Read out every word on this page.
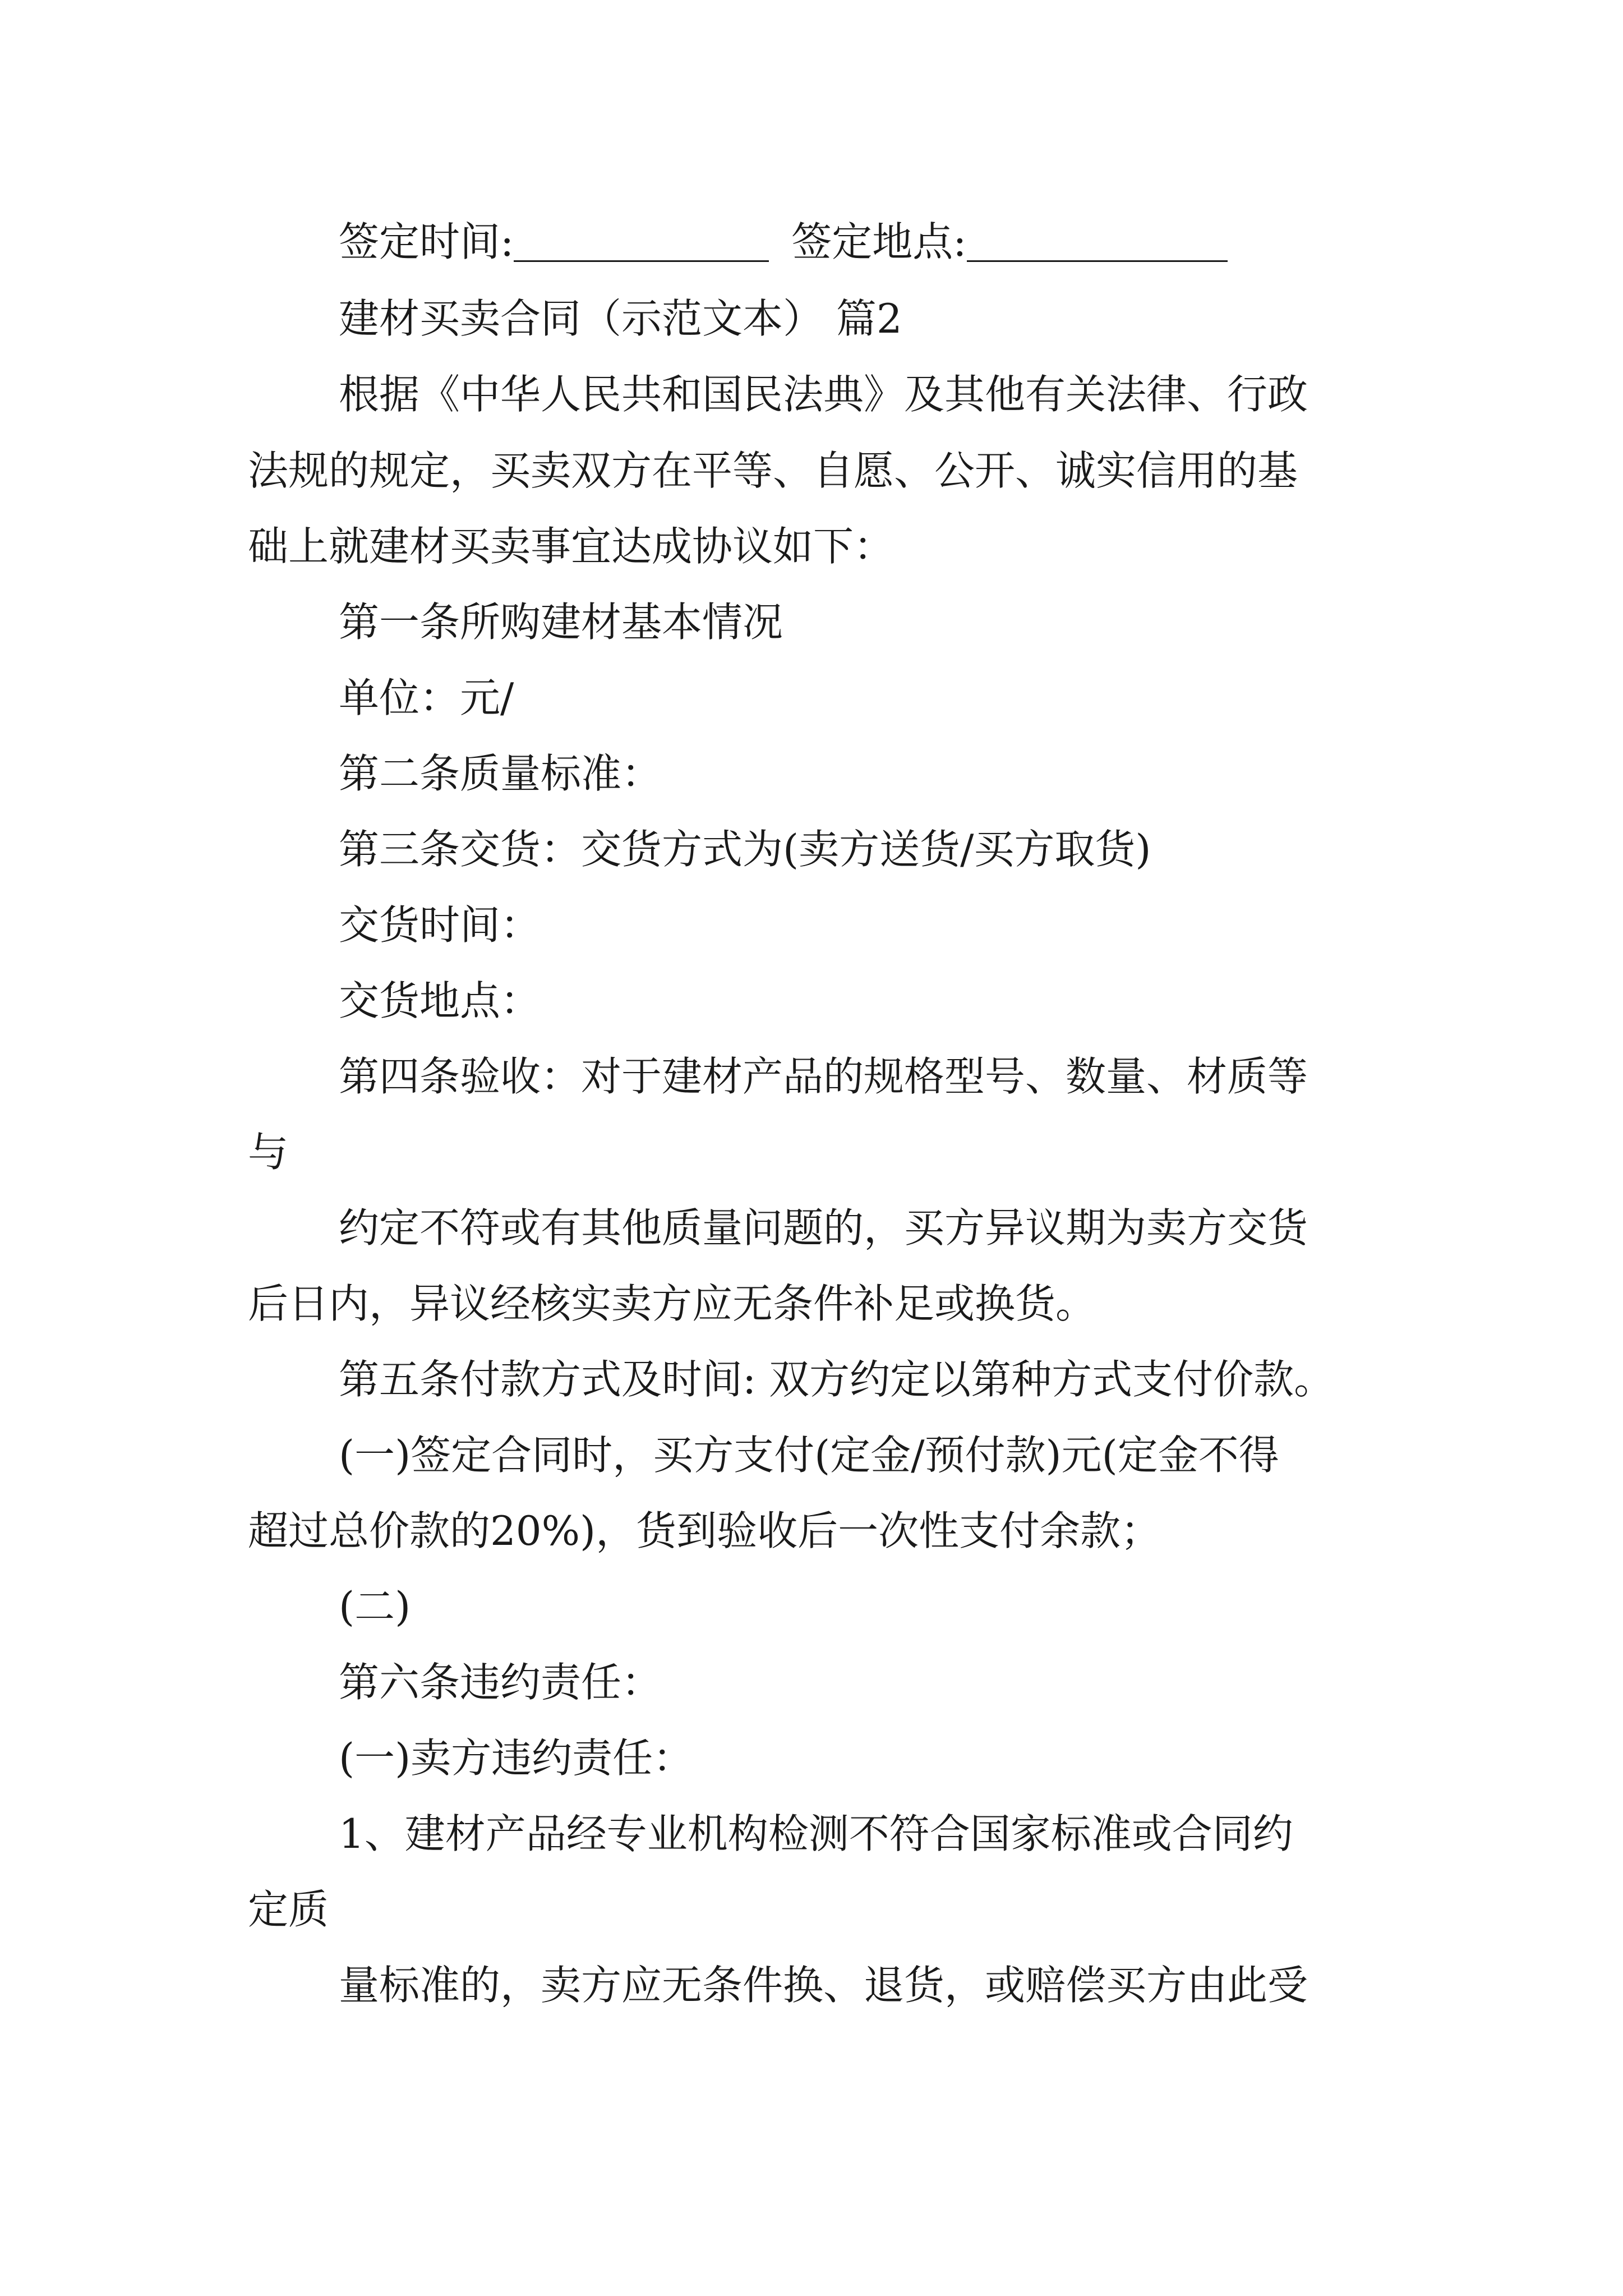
签定时间:	签定地点:
建材买卖合同（示范文本） 篇2
根据《中华人民共和国民法典》及其他有关法律、行政
法规的规定，买卖双方在平等、自愿、公开、诚实信用的基
础上就建材买卖事宜达成协议如下：
第一条所购建材基本情况
单位：元/
第二条质量标准：
第三条交货：交货方式为(卖方送货/买方取货)
交货时间：
交货地点：
第四条验收：对于建材产品的规格型号、数量、材质等
与
约定不符或有其他质量问题的，买方异议期为卖方交货
后日内，异议经核实卖方应无条件补足或换货。
第五条付款方式及时间: 双方约定以第种方式支付价款。
(一)签定合同时，买方支付(定金/预付款)元(定金不得
超过总价款的20%)，货到验收后一次性支付余款；
(二)
第六条违约责任：
(一)卖方违约责任：
1、建材产品经专业机构检测不符合国家标准或合同约
定质
量标准的，卖方应无条件换、退货，或赔偿买方由此受
